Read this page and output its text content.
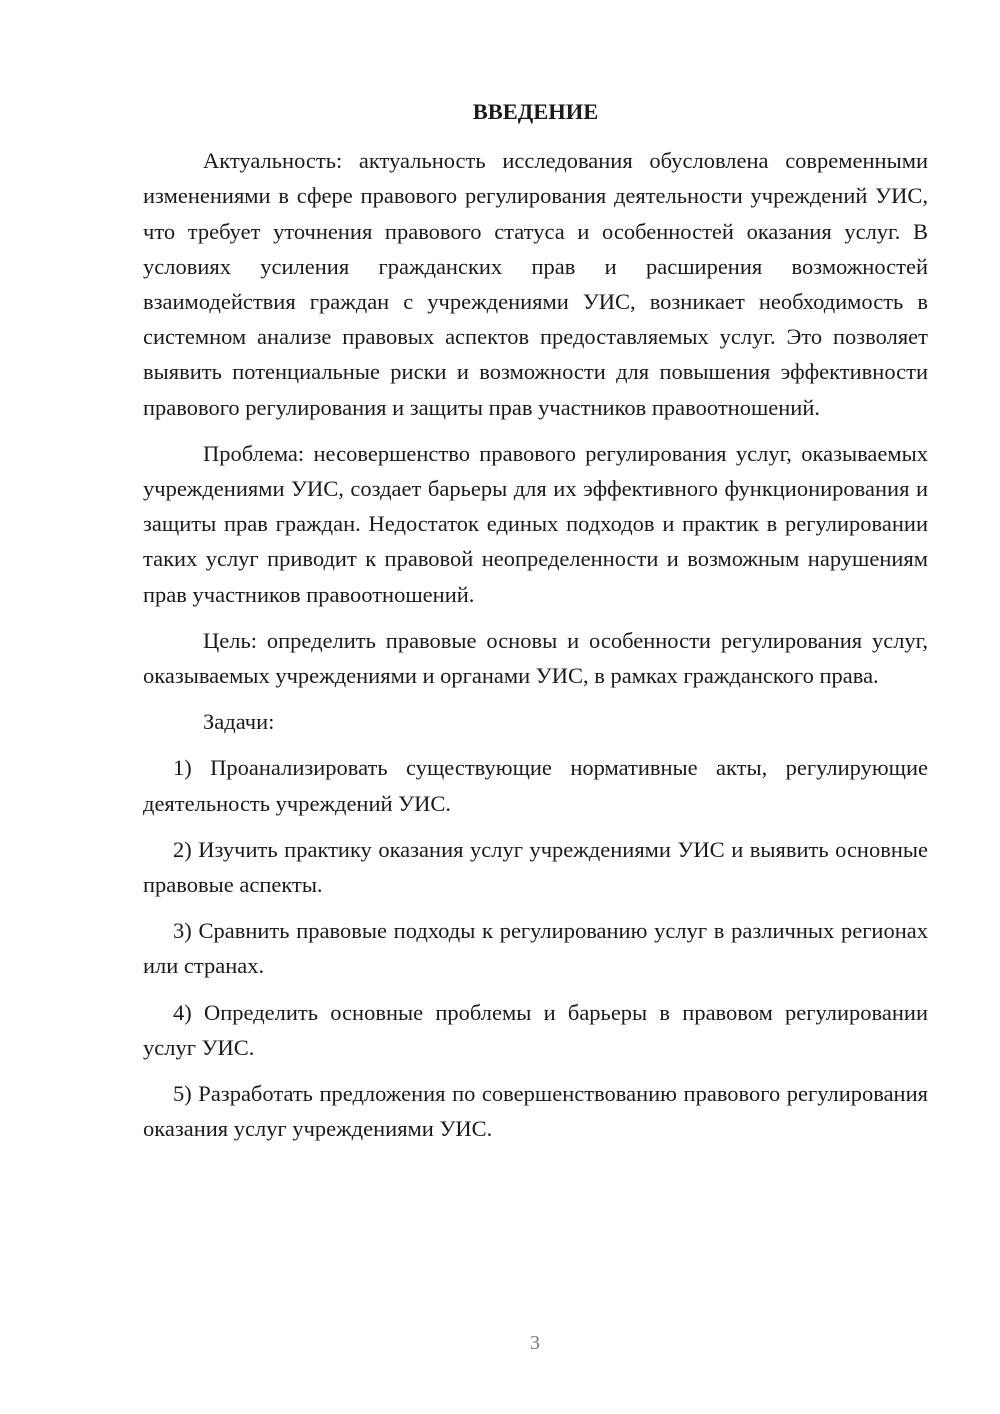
ВВЕДЕНИЕ

Актуальность: актуальность исследования обусловлена современными изменениями в сфере правового регулирования деятельности учреждений УИС, что требует уточнения правового статуса и особенностей оказания услуг. В условиях усиления гражданских прав и расширения возможностей взаимодействия граждан с учреждениями УИС, возникает необходимость в системном анализе правовых аспектов предоставляемых услуг. Это позволяет выявить потенциальные риски и возможности для повышения эффективности правового регулирования и защиты прав участников правоотношений.

Проблема: несовершенство правового регулирования услуг, оказываемых учреждениями УИС, создает барьеры для их эффективного функционирования и защиты прав граждан. Недостаток единых подходов и практик в регулировании таких услуг приводит к правовой неопределенности и возможным нарушениям прав участников правоотношений.

Цель: определить правовые основы и особенности регулирования услуг, оказываемых учреждениями и органами УИС, в рамках гражданского права.

Задачи:

1) Проанализировать существующие нормативные акты, регулирующие деятельность учреждений УИС.

2) Изучить практику оказания услуг учреждениями УИС и выявить основные правовые аспекты.

3) Сравнить правовые подходы к регулированию услуг в различных регионах или странах.

4) Определить основные проблемы и барьеры в правовом регулировании услуг УИС.

5) Разработать предложения по совершенствованию правового регулирования оказания услуг учреждениями УИС.

3
